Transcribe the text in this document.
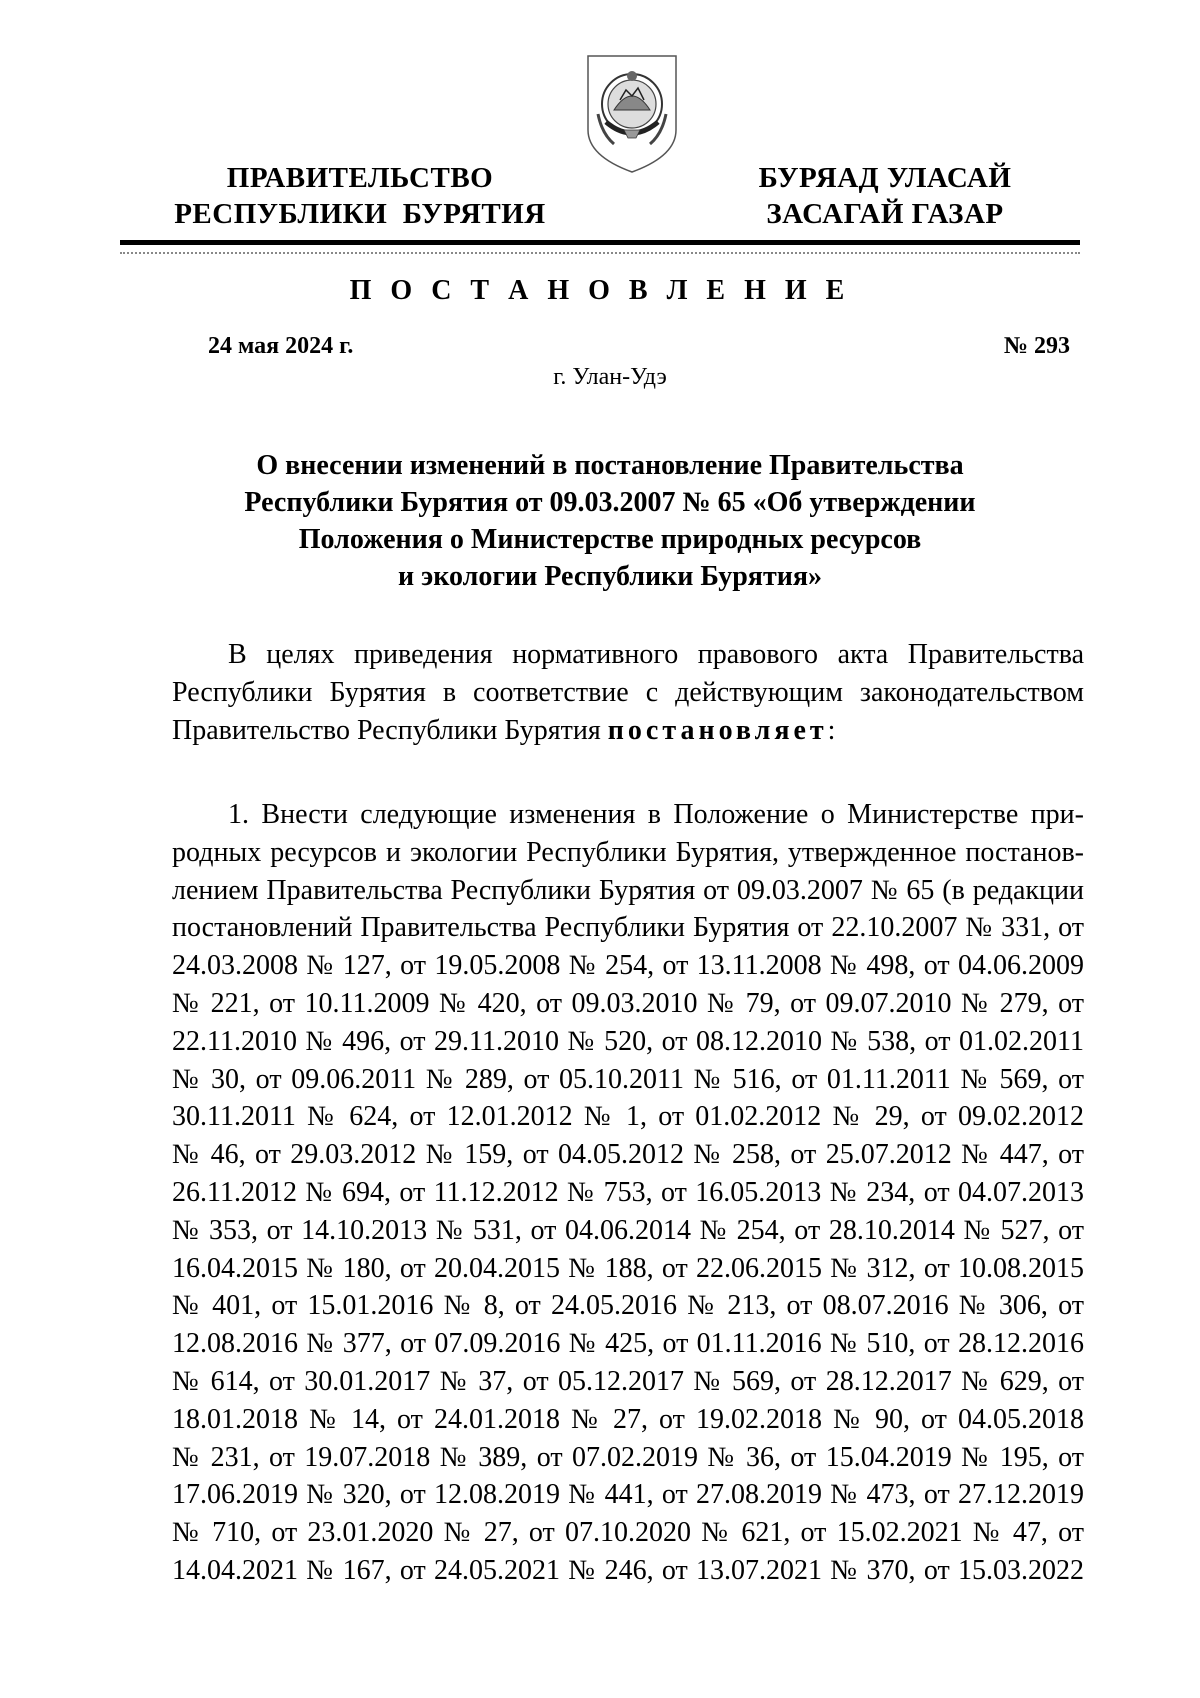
ПРАВИТЕЛЬСТВО
РЕСПУБЛИКИ  БУРЯТИЯ
БУРЯАД УЛАСАЙ
ЗАСАГАЙ ГАЗАР
П О С Т А Н О В Л Е Н И Е
24 мая 2024 г.	№ 293
г. Улан-Удэ
О внесении изменений в постановление Правительства
Республики Бурятия от 09.03.2007 № 65 «Об утверждении
Положения о Министерстве природных ресурсов
и экологии Республики Бурятия»
В целях приведения нормативного правового акта Правительства
Республики Бурятия в соответствие с действующим законодательством
Правительство Республики Бурятия постановляет:
1. Внести следующие изменения в Положение о Министерстве при-
родных ресурсов и экологии Республики Бурятия, утвержденное постанов-
лением Правительства Республики Бурятия от 09.03.2007 № 65 (в редакции
постановлений Правительства Республики Бурятия от 22.10.2007 № 331, от
24.03.2008 № 127, от 19.05.2008 № 254, от 13.11.2008 № 498, от 04.06.2009
№ 221, от 10.11.2009 № 420, от 09.03.2010 № 79, от 09.07.2010 № 279, от
22.11.2010 № 496, от 29.11.2010 № 520, от 08.12.2010 № 538, от 01.02.2011
№ 30, от 09.06.2011 № 289, от 05.10.2011 № 516, от 01.11.2011 № 569, от
30.11.2011 № 624, от 12.01.2012 № 1, от 01.02.2012 № 29, от 09.02.2012
№ 46, от 29.03.2012 № 159, от 04.05.2012 № 258, от 25.07.2012 № 447, от
26.11.2012 № 694, от 11.12.2012 № 753, от 16.05.2013 № 234, от 04.07.2013
№ 353, от 14.10.2013 № 531, от 04.06.2014 № 254, от 28.10.2014 № 527, от
16.04.2015 № 180, от 20.04.2015 № 188, от 22.06.2015 № 312, от 10.08.2015
№ 401, от 15.01.2016 № 8, от 24.05.2016 № 213, от 08.07.2016 № 306, от
12.08.2016 № 377, от 07.09.2016 № 425, от 01.11.2016 № 510, от 28.12.2016
№ 614, от 30.01.2017 № 37, от 05.12.2017 № 569, от 28.12.2017 № 629, от
18.01.2018 № 14, от 24.01.2018 № 27, от 19.02.2018 № 90, от 04.05.2018
№ 231, от 19.07.2018 № 389, от 07.02.2019 № 36, от 15.04.2019 № 195, от
17.06.2019 № 320, от 12.08.2019 № 441, от 27.08.2019 № 473, от 27.12.2019
№ 710, от 23.01.2020 № 27, от 07.10.2020 № 621, от 15.02.2021 № 47, от
14.04.2021 № 167, от 24.05.2021 № 246, от 13.07.2021 № 370, от 15.03.2022
